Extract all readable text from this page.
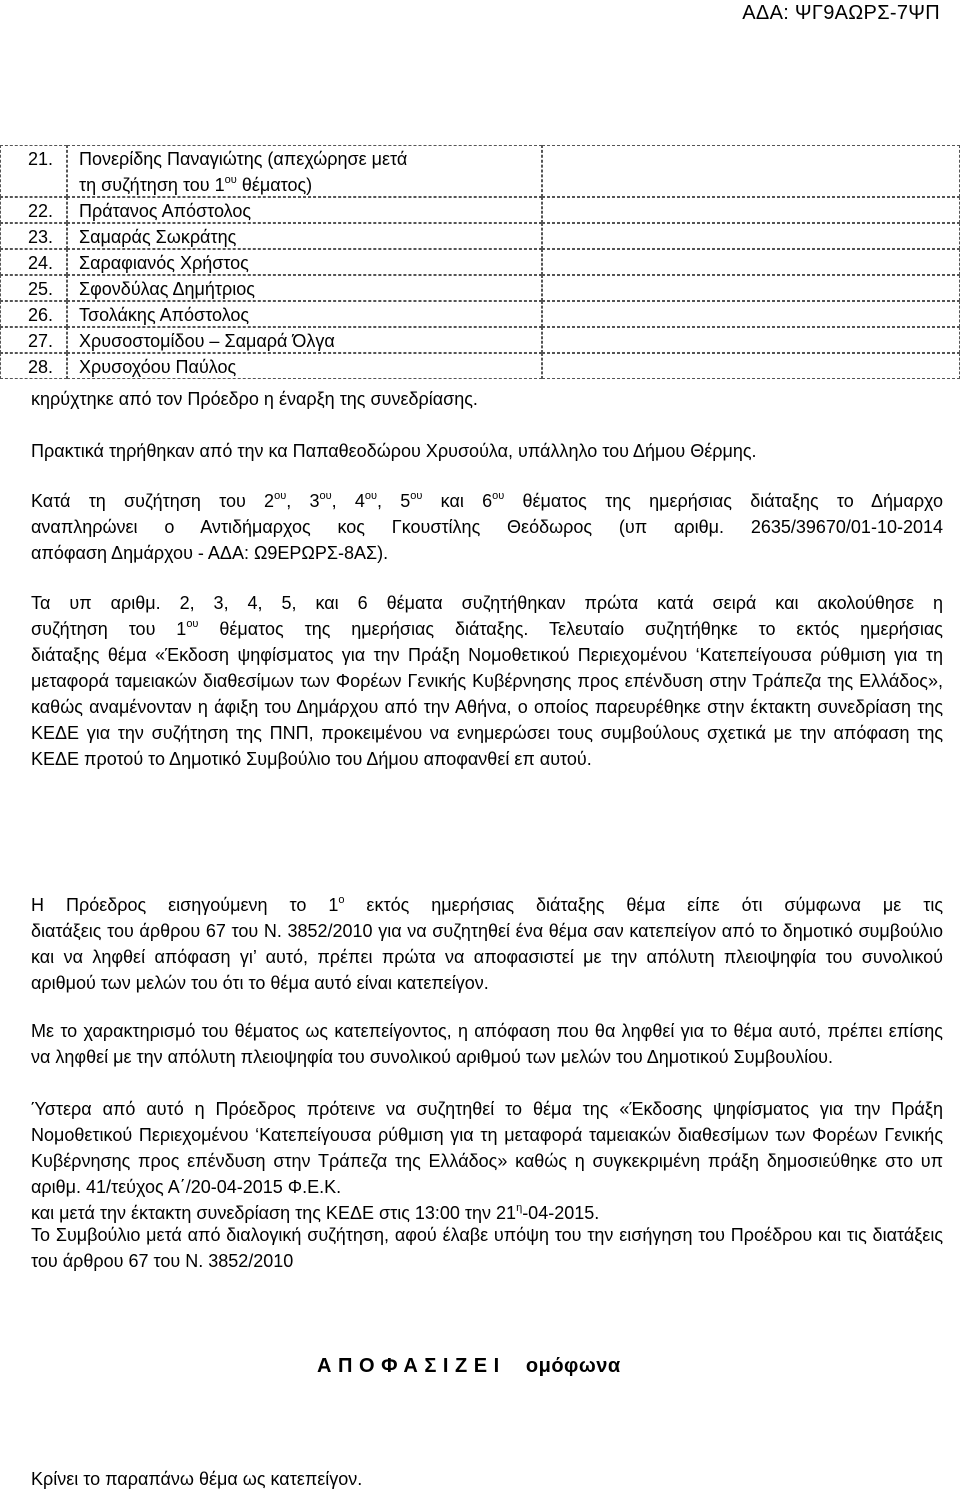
ΑΔΑ: ΨΓ9ΑΩΡΣ-7ΨΠ
21. Πονερίδης Παναγιώτης (απεχώρησε μετά
τη συζήτηση του $1^{o\upsilon}$ θέματος)
22. Πράτανος Απόστολος
23. Σαμαράς Σωκράτης
24. Σαραφιανός Χρήστος
25. Σφονδύλας Δημήτριος
26. Τσολάκης Απόστολος
27. Χρυσοστομίδου – Σαμαρά Όλγα
28. Χρυσοχόου Παύλος
κηρύχτηκε από τον Πρόεδρο η έναρξη της συνεδρίασης.
Πρακτικά τηρήθηκαν από την κα Παπαθεοδώρου Χρυσούλα, υπάλληλο του Δήμου Θέρμης.
Κατά τη συζήτηση του $2^{o\upsilon}$, $3^{o\upsilon}$, $4^{o\upsilon}$, $5^{o\upsilon}$ και $6^{o\upsilon}$ θέματος της ημερήσιας διάταξης το Δήμαρχο
αναπληρώνει ο Αντιδήμαρχος κος Γκουστίλης Θεόδωρος (υπ αριθμ. 2635/39670/01-10-2014
απόφαση Δημάρχου - ΑΔΑ: Ω9ΕΡΩΡΣ-8ΑΣ).
Τα υπ αριθμ. 2, 3, 4, 5, και 6 θέματα συζητήθηκαν πρώτα κατά σειρά και ακολούθησε η
συζήτηση του $1^{o\upsilon}$ θέματος της ημερήσιας διάταξης. Τελευταίο συζητήθηκε το εκτός ημερήσιας
διάταξης θέμα «Έκδοση ψηφίσματος για την Πράξη Νομοθετικού Περιεχομένου ‘Κατεπείγουσα ρύθμιση για τη μεταφορά ταμειακών διαθεσίμων των Φορέων Γενικής Κυβέρνησης προς επένδυση στην Τράπεζα της Ελλάδος», καθώς αναμένονταν η άφιξη του Δημάρχου από την Αθήνα, ο οποίος παρευρέθηκε στην έκτακτη συνεδρίαση της ΚΕΔΕ για την συζήτηση της ΠΝΠ, προκειμένου να ενημερώσει τους συμβούλους σχετικά με την απόφαση της ΚΕΔΕ προτού το Δημοτικό Συμβούλιο του Δήμου αποφανθεί επ αυτού.
Η Πρόεδρος εισηγούμενη το $1^o$ εκτός ημερήσιας διάταξης θέμα είπε ότι σύμφωνα με τις
διατάξεις του άρθρου 67 του Ν. 3852/2010 για να συζητηθεί ένα θέμα σαν κατεπείγον από το δημοτικό συμβούλιο και να ληφθεί απόφαση γι’ αυτό, πρέπει πρώτα να αποφασιστεί με την απόλυτη πλειοψηφία του συνολικού αριθμού των μελών του ότι το θέμα αυτό είναι κατεπείγον.
Με το χαρακτηρισμό του θέματος ως κατεπείγοντος, η απόφαση που θα ληφθεί για το θέμα αυτό, πρέπει επίσης να ληφθεί με την απόλυτη πλειοψηφία του συνολικού αριθμού των μελών του Δημοτικού Συμβουλίου.
Ύστερα από αυτό η Πρόεδρος πρότεινε να συζητηθεί το θέμα της «Έκδοσης ψηφίσματος για την Πράξη Νομοθετικού Περιεχομένου ‘Κατεπείγουσα ρύθμιση για τη μεταφορά ταμειακών διαθεσίμων των Φορέων Γενικής Κυβέρνησης προς επένδυση στην Τράπεζα της Ελλάδος» καθώς η συγκεκριμένη πράξη δημοσιεύθηκε στο υπ αριθμ. 41/τεύχος Α΄/20-04-2015 Φ.Ε.Κ.
και μετά την έκτακτη συνεδρίαση της ΚΕΔΕ στις 13:00 την $21^\eta-04-2015$.
Το Συμβούλιο μετά από διαλογική συζήτηση, αφού έλαβε υπόψη του την εισήγηση του Προέδρου και τις διατάξεις του άρθρου 67 του Ν. 3852/2010
Α Π Ο Φ Α Σ Ι Ζ Ε Ι ομόφωνα
Κρίνει το παραπάνω θέμα ως κατεπείγον.
